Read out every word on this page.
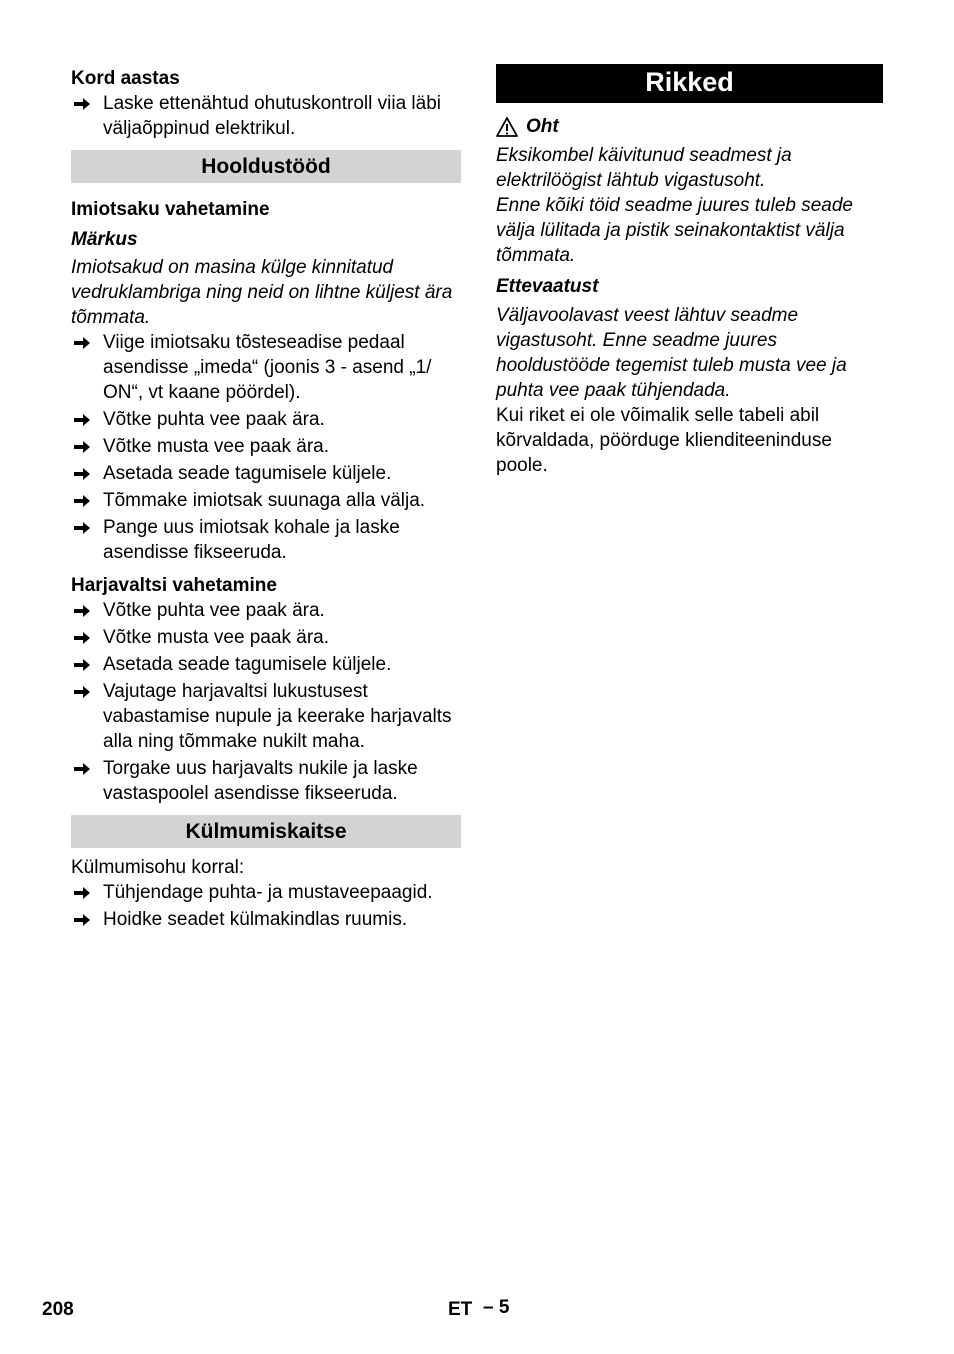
Kord aastas
Laske ettenähtud ohutuskontroll viia läbi väljaõppinud elektrikul.
Hooldustööd
Imiotsaku vahetamine
Märkus
Imiotsakud on masina külge kinnitatud vedruklambriga ning neid on lihtne küljest ära tõmmata.
Viige imiotsaku tõsteseadise pedaal asendisse „imeda“ (joonis 3 - asend „1/ ON“, vt kaane pöördel).
Võtke puhta vee paak ära.
Võtke musta vee paak ära.
Asetada seade tagumisele küljele.
Tõmmake imiotsak suunaga alla välja.
Pange uus imiotsak kohale ja laske asendisse fikseeruda.
Harjavaltsi vahetamine
Võtke puhta vee paak ära.
Võtke musta vee paak ära.
Asetada seade tagumisele küljele.
Vajutage harjavaltsi lukustusest vabastamise nupule ja keerake harjavalts alla ning tõmmake nukilt maha.
Torgake uus harjavalts nukile ja laske vastaspoolel asendisse fikseeruda.
Külmumiskaitse
Külmumisohu korral:
Tühjendage puhta- ja mustaveepaagid.
Hoidke seadet külmakindlas ruumis.
Rikked
Oht
Eksikombel käivitunud seadmest ja elektrilöögist lähtub vigastusoht.
Enne kõiki töid seadme juures tuleb seade välja lülitada ja pistik seinakontaktist välja tõmmata.
Ettevaatust
Väljavoolavast veest lähtuv seadme vigastusoht. Enne seadme juures hooldustööde tegemist tuleb musta vee ja puhta vee paak tühjendada.
Kui riket ei ole võimalik selle tabeli abil kõrvaldada, pöörduge klienditeeninduse poole.
208	ET – 5
